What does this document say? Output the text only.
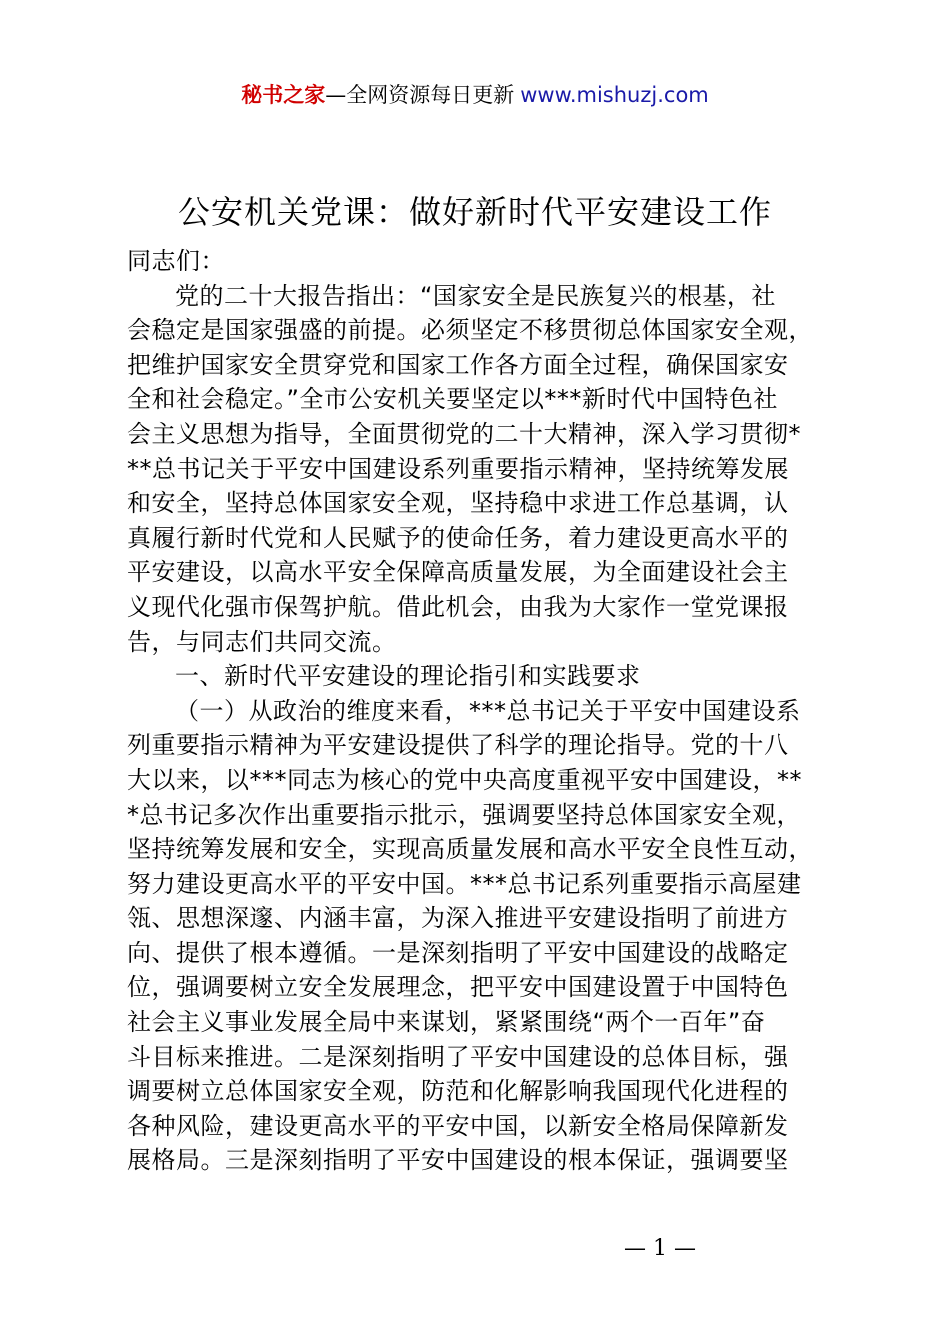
秘书之家—全网资源每日更新 www.mishuzj.com
公安机关党课：做好新时代平安建设工作
同志们：
党的二十大报告指出：“国家安全是民族复兴的根基，社
会稳定是国家强盛的前提。必须坚定不移贯彻总体国家安全观，
把维护国家安全贯穿党和国家工作各方面全过程，确保国家安
全和社会稳定。”全市公安机关要坚定以***新时代中国特色社
会主义思想为指导，全面贯彻党的二十大精神，深入学习贯彻*
**总书记关于平安中国建设系列重要指示精神，坚持统筹发展
和安全，坚持总体国家安全观，坚持稳中求进工作总基调，认
真履行新时代党和人民赋予的使命任务，着力建设更高水平的
平安建设，以高水平安全保障高质量发展，为全面建设社会主
义现代化强市保驾护航。借此机会，由我为大家作一堂党课报
告，与同志们共同交流。
一、新时代平安建设的理论指引和实践要求
（一）从政治的维度来看，***总书记关于平安中国建设系
列重要指示精神为平安建设提供了科学的理论指导。党的十八
大以来，以***同志为核心的党中央高度重视平安中国建设，**
*总书记多次作出重要指示批示，强调要坚持总体国家安全观，
坚持统筹发展和安全，实现高质量发展和高水平安全良性互动，
努力建设更高水平的平安中国。***总书记系列重要指示高屋建
瓴、思想深邃、内涵丰富，为深入推进平安建设指明了前进方
向、提供了根本遵循。一是深刻指明了平安中国建设的战略定
位，强调要树立安全发展理念，把平安中国建设置于中国特色
社会主义事业发展全局中来谋划，紧紧围绕“两个一百年”奋
斗目标来推进。二是深刻指明了平安中国建设的总体目标，强
调要树立总体国家安全观，防范和化解影响我国现代化进程的
各种风险，建设更高水平的平安中国，以新安全格局保障新发
展格局。三是深刻指明了平安中国建设的根本保证，强调要坚
— 1 —
